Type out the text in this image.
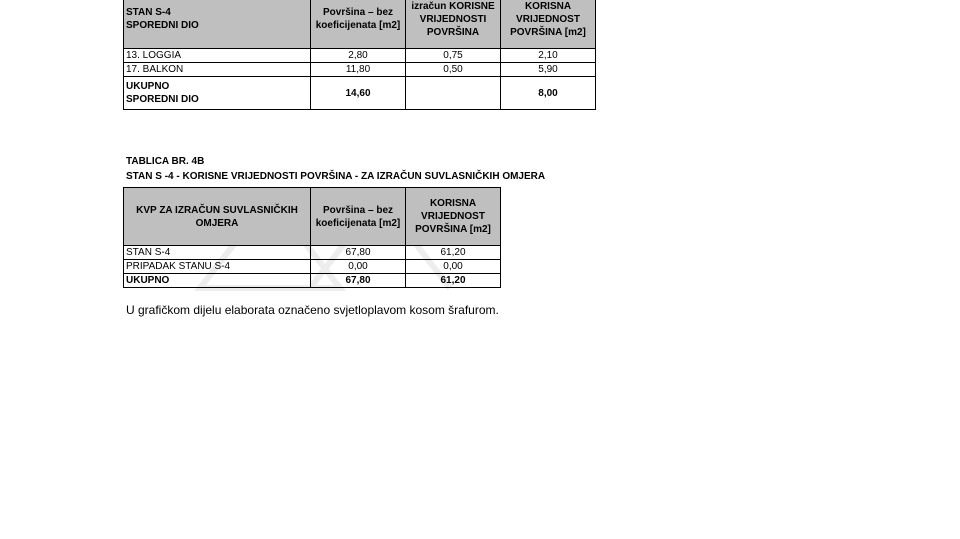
STAN S-4
SPOREDNI DIO	Površina – bez koeficijenata [m2]	izračun KORISNE VRIJEDNOSTI POVRŠINA	KORISNA VRIJEDNOST POVRŠINA [m2]
13. LOGGIA	2,80	0,75	2,10
17. BALKON	11,80	0,50	5,90
UKUPNO
SPOREDNI DIO	14,60		8,00
TABLICA BR. 4B
STAN S -4 - KORISNE VRIJEDNOSTI POVRŠINA - ZA IZRAČUN SUVLASNIČKIH OMJERA
KVP ZA IZRAČUN SUVLASNIČKIH OMJERA	Površina – bez koeficijenata [m2]	KORISNA VRIJEDNOST POVRŠINA [m2]
STAN S-4	67,80	61,20
PRIPADAK STANU S-4	0,00	0,00
UKUPNO	67,80	61,20
U grafičkom dijelu elaborata označeno svjetloplavom kosom šrafurom.
